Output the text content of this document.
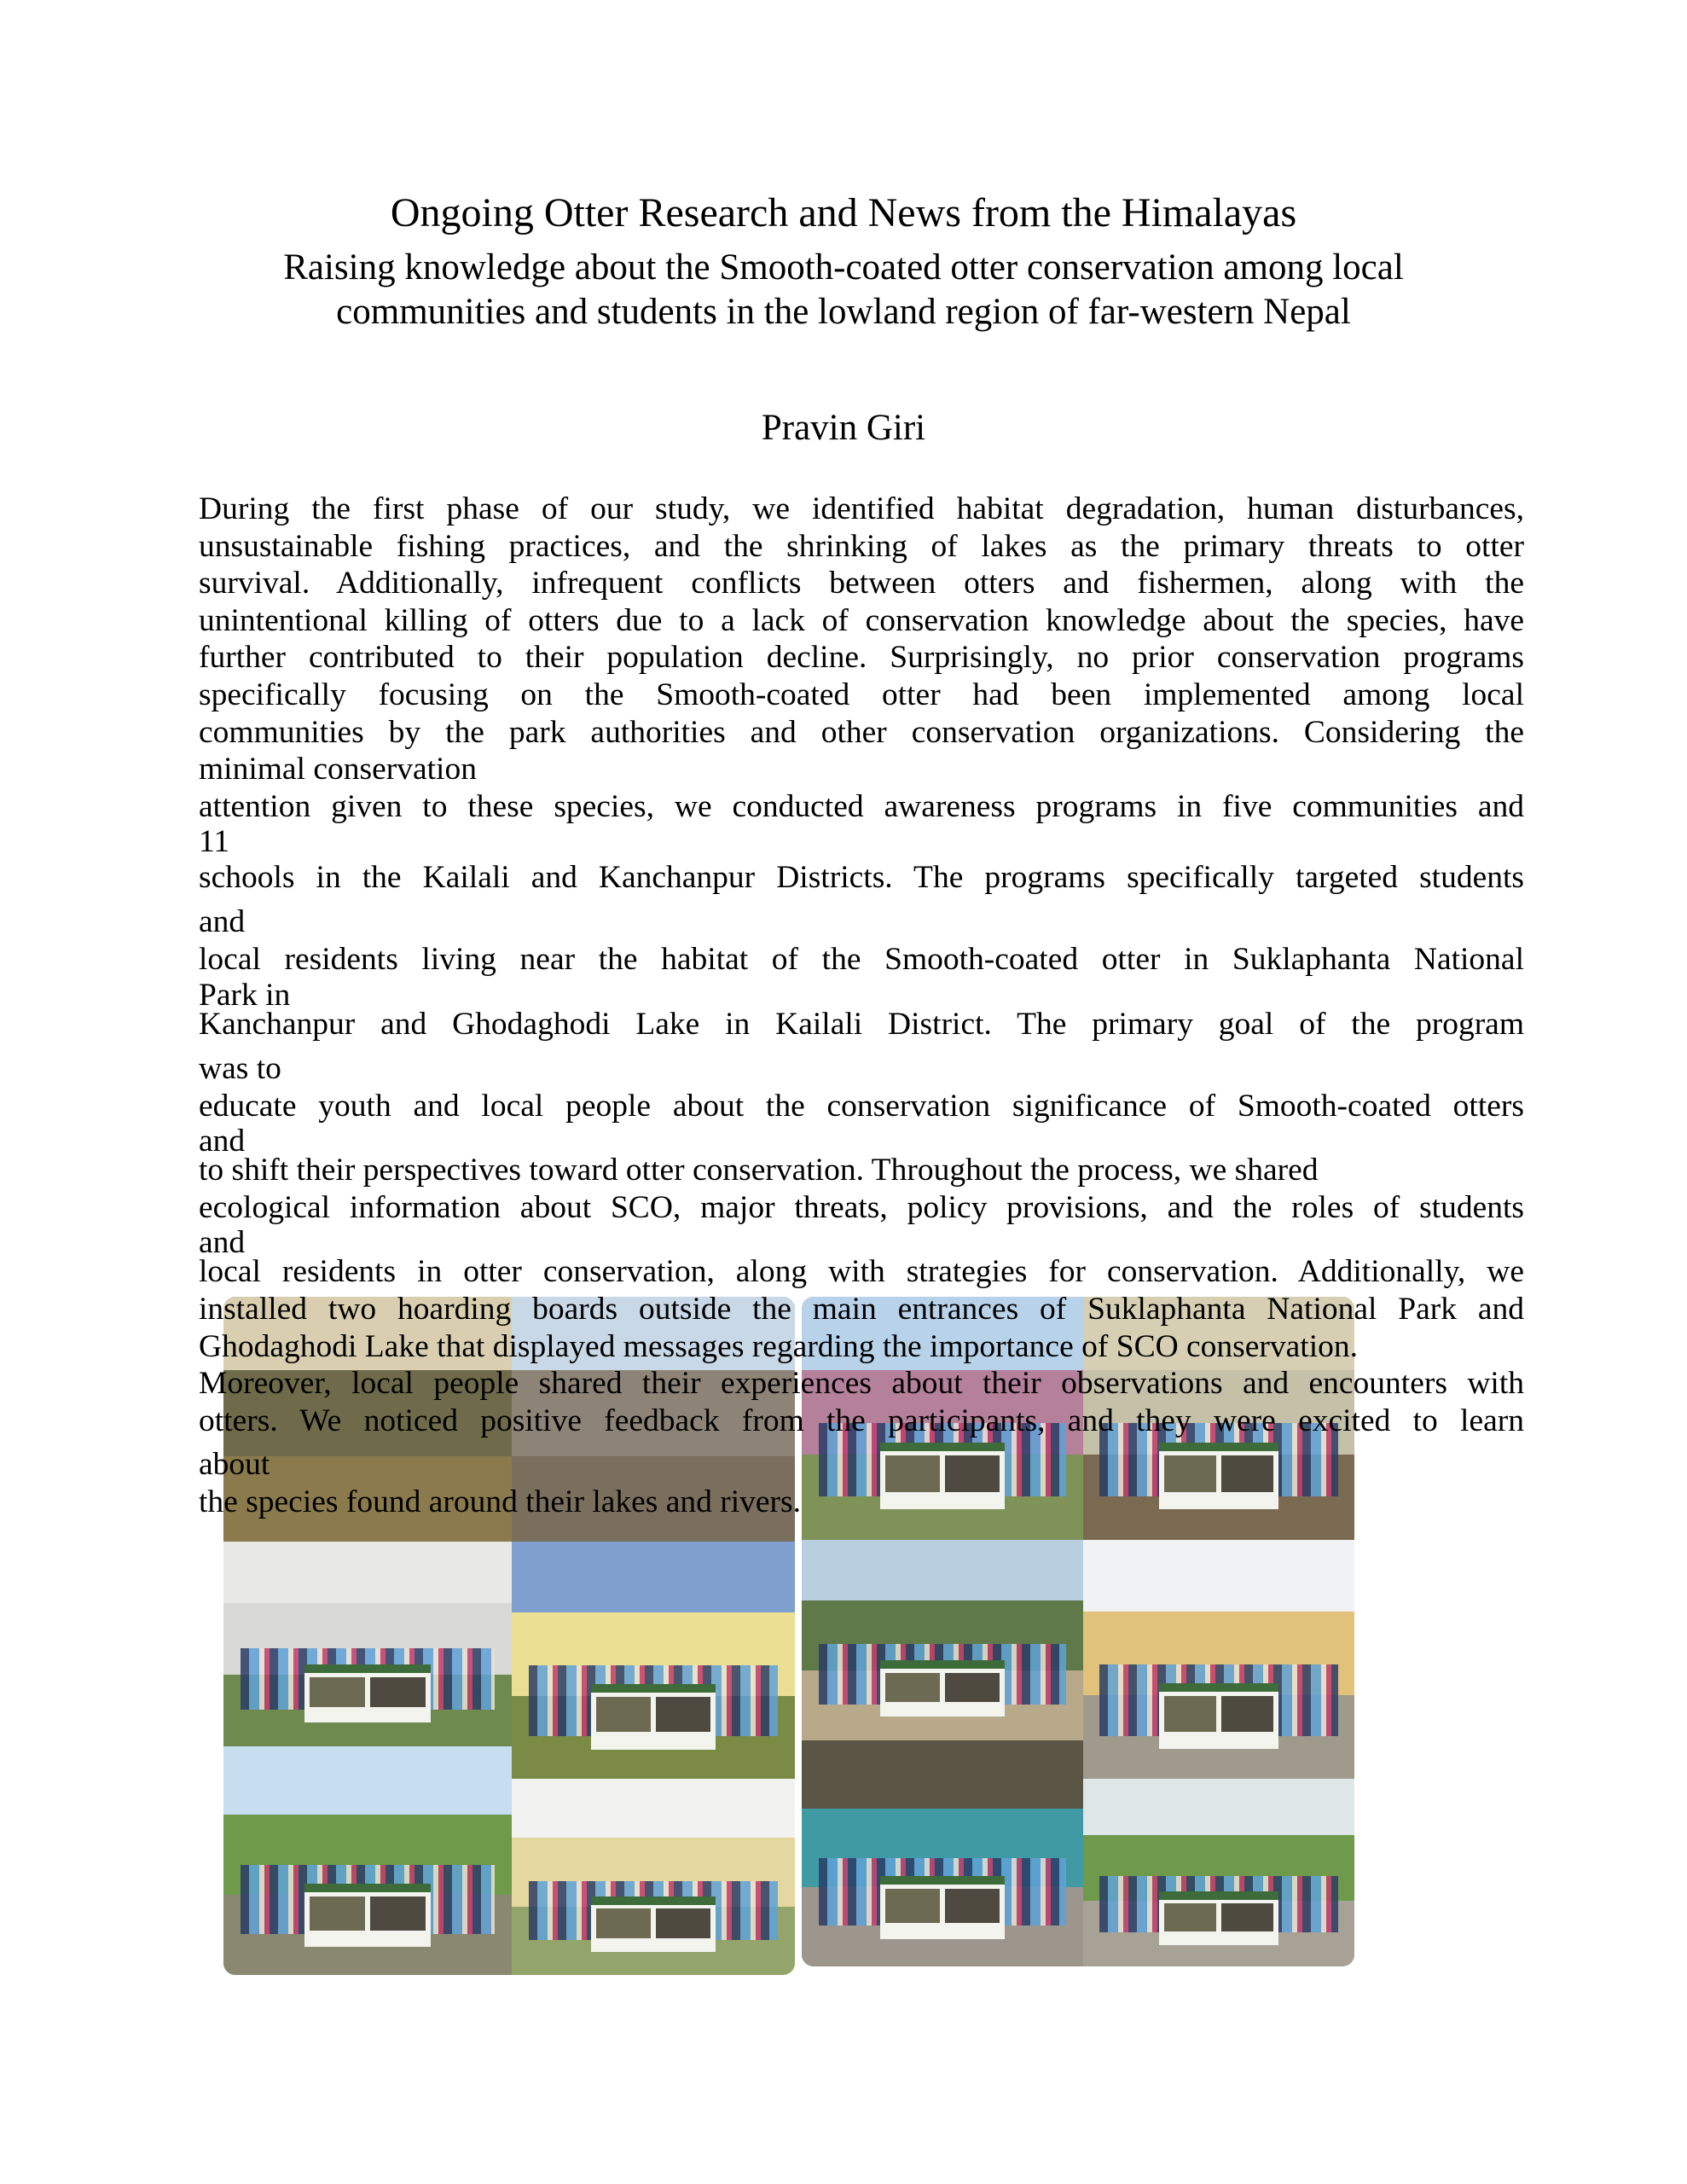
Ongoing Otter Research and News from the Himalayas
Raising knowledge about the Smooth-coated otter conservation among local
communities and students in the lowland region of far-western Nepal
Pravin Giri
During the first phase of our study, we identified habitat degradation, human disturbances,
unsustainable fishing practices, and the shrinking of lakes as the primary threats to otter
survival. Additionally, infrequent conflicts between otters and fishermen, along with the
unintentional killing of otters due to a lack of conservation knowledge about the species, have
further contributed to their population decline. Surprisingly, no prior conservation programs
specifically focusing on the Smooth-coated otter had been implemented among local
communities by the park authorities and other conservation organizations. Considering the
minimal conservation
attention given to these species, we conducted awareness programs in five communities and
11
schools in the Kailali and Kanchanpur Districts. The programs specifically targeted students
and
local residents living near the habitat of the Smooth-coated otter in Suklaphanta National
Park in
Kanchanpur and Ghodaghodi Lake in Kailali District. The primary goal of the program
was to
educate youth and local people about the conservation significance of Smooth-coated otters
and
to shift their perspectives toward otter conservation. Throughout the process, we shared
ecological information about SCO, major threats, policy provisions, and the roles of students
and
local residents in otter conservation, along with strategies for conservation. Additionally, we
installed two hoarding boards outside the main entrances of Suklaphanta National Park and
Ghodaghodi Lake that displayed messages regarding the importance of SCO conservation.
Moreover, local people shared their experiences about their observations and encounters with
otters. We noticed positive feedback from the participants, and they were excited to learn
about
the species found around their lakes and rivers.
